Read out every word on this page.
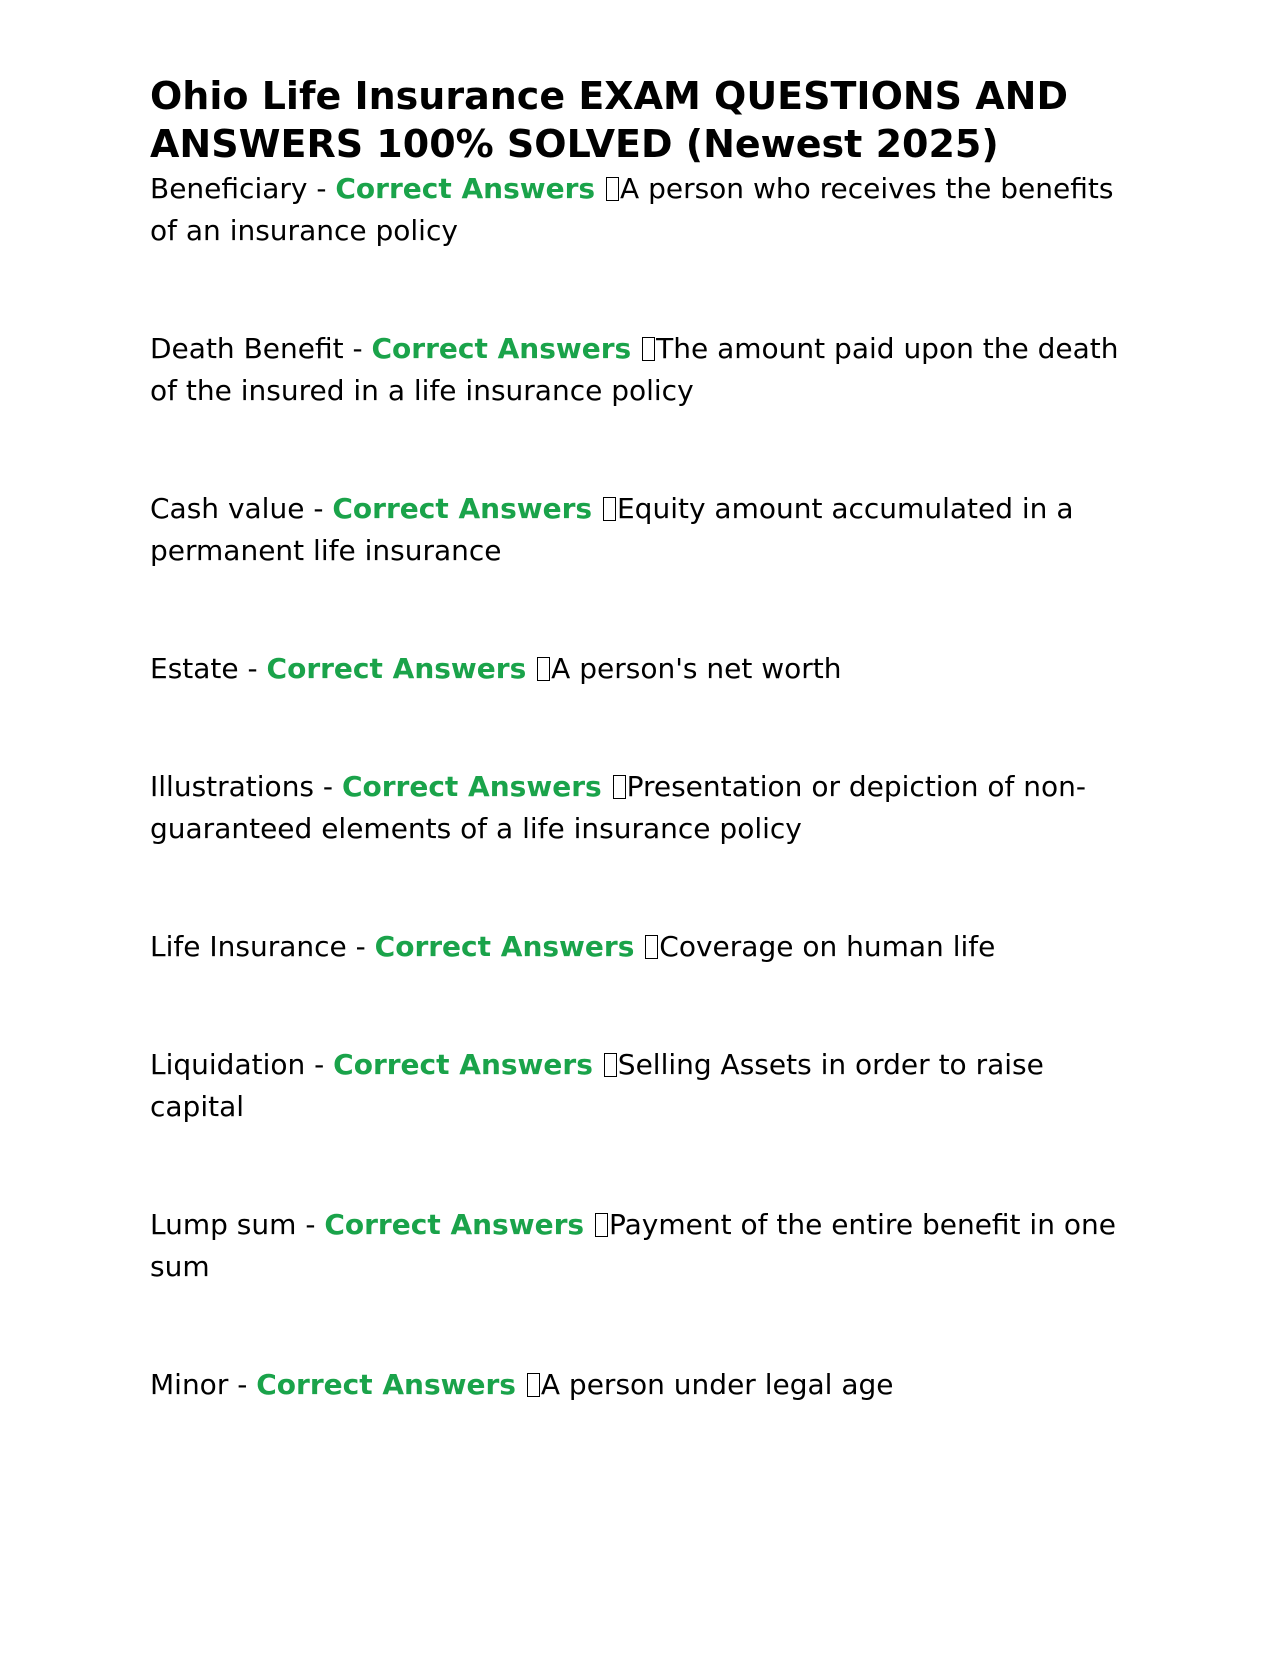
Ohio Life Insurance EXAM QUESTIONS AND ANSWERS 100% SOLVED (Newest 2025)

Beneficiary - Correct Answers A person who receives the benefits of an insurance policy

Death Benefit - Correct Answers The amount paid upon the death of the insured in a life insurance policy

Cash value - Correct Answers Equity amount accumulated in a permanent life insurance

Estate - Correct Answers A person's net worth

Illustrations - Correct Answers Presentation or depiction of non-guaranteed elements of a life insurance policy

Life Insurance - Correct Answers Coverage on human life

Liquidation - Correct Answers Selling Assets in order to raise capital

Lump sum - Correct Answers Payment of the entire benefit in one sum

Minor - Correct Answers A person under legal age
